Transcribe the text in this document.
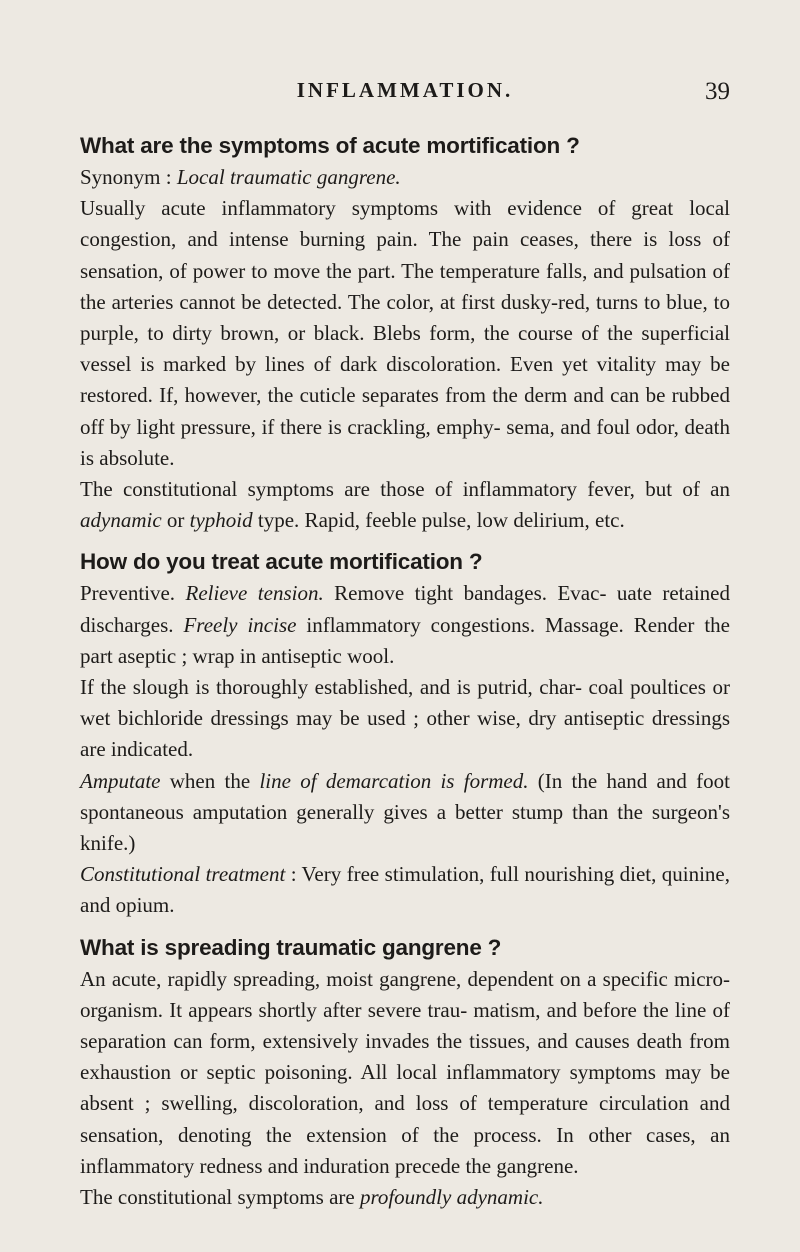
INFLAMMATION.	39
What are the symptoms of acute mortification ?

Synonym : Local traumatic gangrene.

Usually acute inflammatory symptoms with evidence of great local congestion, and intense burning pain. The pain ceases, there is loss of sensation, of power to move the part. The temperature falls, and pulsation of the arteries cannot be detected. The color, at first dusky-red, turns to blue, to purple, to dirty brown, or black. Blebs form, the course of the superficial vessel is marked by lines of dark discoloration. Even yet vitality may be restored. If, however, the cuticle separates from the derm and can be rubbed off by light pressure, if there is crackling, emphy- sema, and foul odor, death is absolute.

The constitutional symptoms are those of inflammatory fever, but of an adynamic or typhoid type. Rapid, feeble pulse, low delirium, etc.

How do you treat acute mortification ?

Preventive. Relieve tension. Remove tight bandages. Evac- uate retained discharges. Freely incise inflammatory congestions. Massage. Render the part aseptic ; wrap in antiseptic wool.

If the slough is thoroughly established, and is putrid, char- coal poultices or wet bichloride dressings may be used ; other wise, dry antiseptic dressings are indicated.

Amputate when the line of demarcation is formed. (In the hand and foot spontaneous amputation generally gives a better stump than the surgeon's knife.)

Constitutional treatment : Very free stimulation, full nourishing diet, quinine, and opium.

What is spreading traumatic gangrene ?

An acute, rapidly spreading, moist gangrene, dependent on a specific micro-organism. It appears shortly after severe trau- matism, and before the line of separation can form, extensively invades the tissues, and causes death from exhaustion or septic poisoning. All local inflammatory symptoms may be absent ; swelling, discoloration, and loss of temperature circulation and sensation, denoting the extension of the process. In other cases, an inflammatory redness and induration precede the gangrene.

The constitutional symptoms are profoundly adynamic.
